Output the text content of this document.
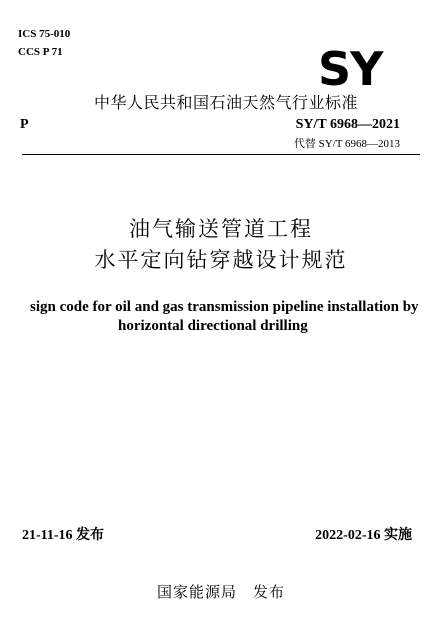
ICS 75-010
CCS P 71	SY
中华人民共和国石油天然气行业标准
P	SY/T 6968—2021
代替 SY/T 6968—2013
油气输送管道工程
水平定向钻穿越设计规范
sign code for oil and gas transmission pipeline installation by
horizontal directional drilling
21-11-16 发布	2022-02-16 实施
国家能源局　发布
